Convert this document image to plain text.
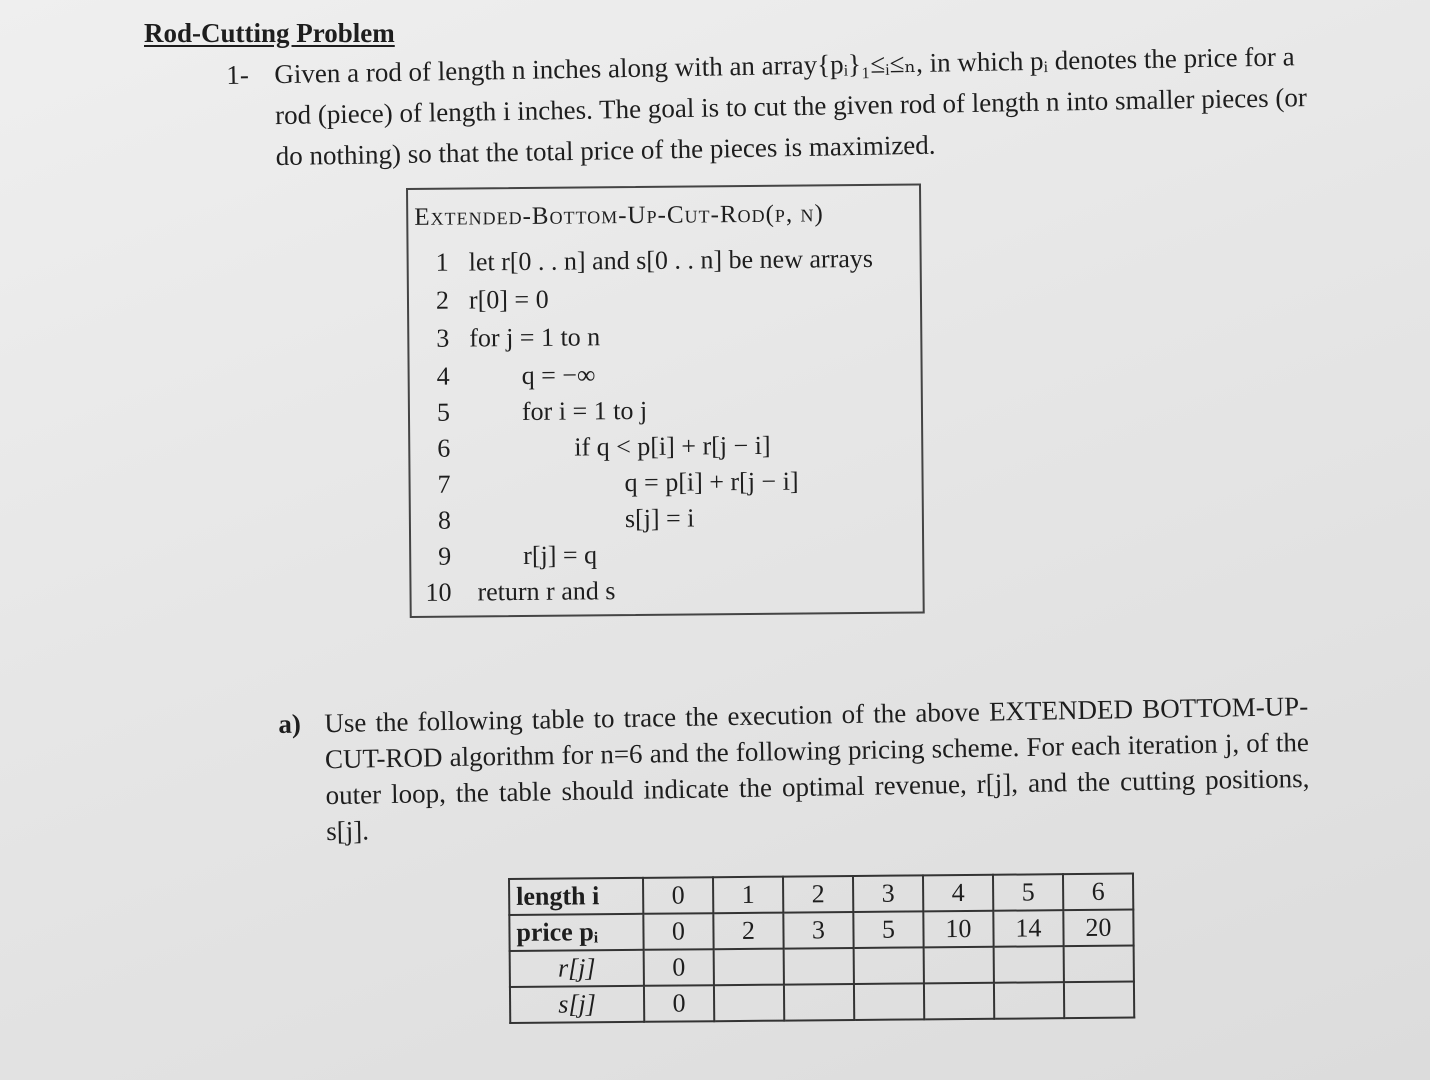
Rod-Cutting Problem
1- Given a rod of length n inches along with an array{pᵢ}₁≤ᵢ≤ₙ, in which pᵢ denotes the price for a rod (piece) of length i inches. The goal is to cut the given rod of length n into smaller pieces (or do nothing) so that the total price of the pieces is maximized.
Extended-Bottom-Up-Cut-Rod(p, n)
1 let r[0 . . n] and s[0 . . n] be new arrays
2 r[0] = 0
3 for j = 1 to n
4	q = −∞
5	for i = 1 to j
6	if q < p[i] + r[j − i]
7	q = p[i] + r[j − i]
8	s[j] = i
9	r[j] = q
10 return r and s
a) Use the following table to trace the execution of the above EXTENDED BOTTOM-UP-CUT-ROD algorithm for n=6 and the following pricing scheme. For each iteration j, of the outer loop, the table should indicate the optimal revenue, r[j], and the cutting positions, s[j].
length i	0	1	2	3	4	5	6
price pᵢ	0	2	3	5	10	14	20
r[j]	0						
s[j]	0						
